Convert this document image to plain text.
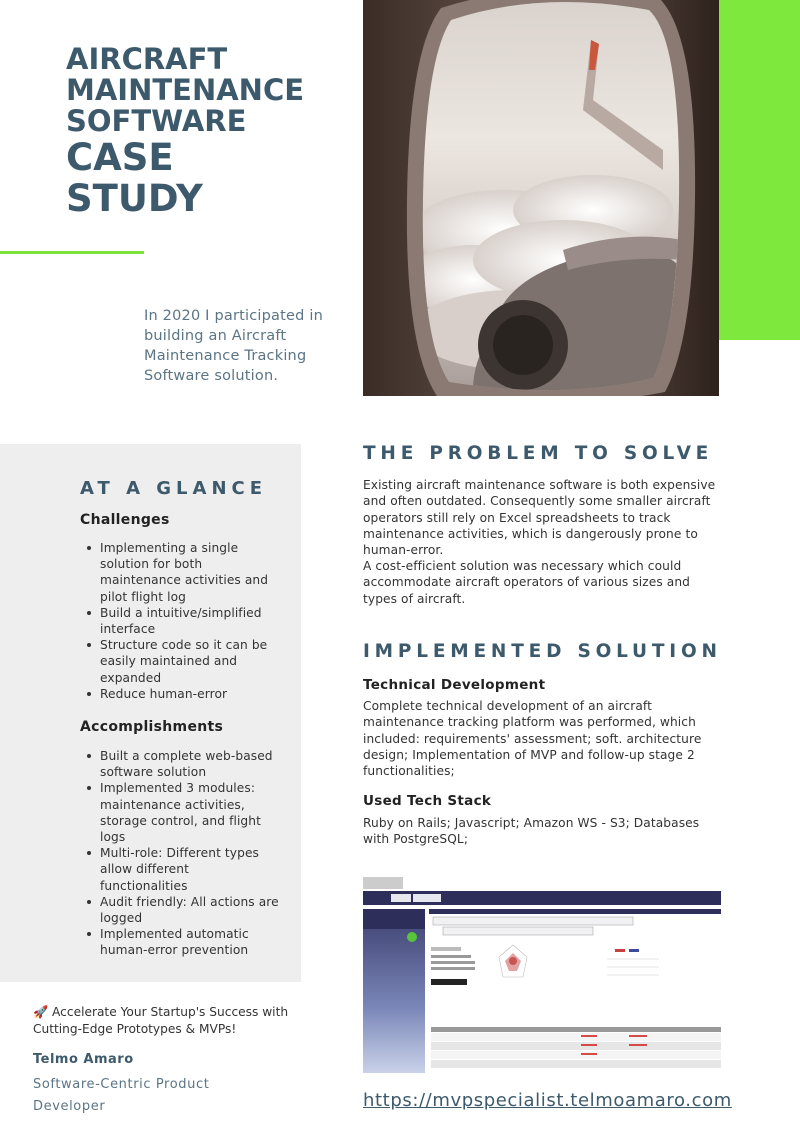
AIRCRAFT
MAINTENANCE
SOFTWARE
CASE
STUDY

In 2020 I participated in building an Aircraft Maintenance Tracking Software solution.

AT A GLANCE
Challenges
Implementing a single solution for both maintenance activities and pilot flight log
Build a intuitive/simplified interface
Structure code so it can be easily maintained and expanded
Reduce human-error
Accomplishments
Built a complete web-based software solution
Implemented 3 modules: maintenance activities, storage control, and flight logs
Multi-role: Different types allow different functionalities
Audit friendly: All actions are logged
Implemented automatic human-error prevention

🚀 Accelerate Your Startup's Success with Cutting-Edge Prototypes & MVPs!

Telmo Amaro
Software-Centric Product Developer
THE PROBLEM TO SOLVE

Existing aircraft maintenance software is both expensive and often outdated. Consequently some smaller aircraft operators still rely on Excel spreadsheets to track maintenance activities, which is dangerously prone to human-error.

A cost-efficient solution was necessary which could accommodate aircraft operators of various sizes and types of aircraft.

IMPLEMENTED SOLUTION
Technical Development

Complete technical development of an aircraft maintenance tracking platform was performed, which included: requirements' assessment; soft. architecture design; Implementation of MVP and follow-up stage 2 functionalities;

Used Tech Stack

Ruby on Rails; Javascript; Amazon WS - S3; Databases with PostgreSQL;

https://mvpspecialist.telmoamaro.com
